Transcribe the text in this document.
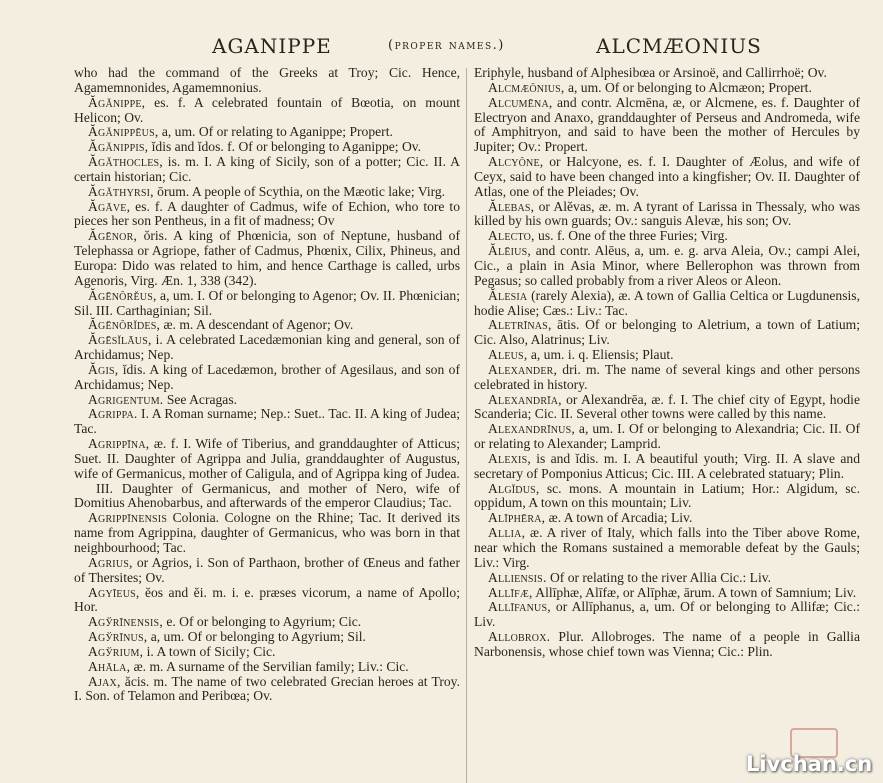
AGANIPPE	(proper names.)	ALCMÆONIUS

who had the command of the Greeks at Troy; Cic. Hence, Agamemnonides, Agamemnonius.

Ăgănippe, es. f. A celebrated fountain of Bœotia, on mount Helicon; Ov.

Ăgănippēus, a, um. Of or relating to Aganippe; Propert.

Ăgănippis, ĭdis and ĭdos. f. Of or belonging to Aganippe; Ov.

Ăgăthocles, is. m. I. A king of Sicily, son of a potter; Cic. II. A certain historian; Cic.

Ăgăthyrsi, ōrum. A people of Scythia, on the Mæotic lake; Virg.

Ăgāve, es. f. A daughter of Cadmus, wife of Echion, who tore to pieces her son Pentheus, in a fit of madness; Ov

Ăgēnor, ŏris. A king of Phœnicia, son of Neptune, husband of Telephassa or Agriope, father of Cadmus, Phœnix, Cilix, Phineus, and Europa: Dido was related to him, and hence Carthage is called, urbs Agenoris, Virg. Æn. 1, 338 (342).

Ăgēnŏrĕus, a, um. I. Of or belonging to Agenor; Ov. II. Phœnician; Sil. III. Carthaginian; Sil.

Ăgēnŏrĭdes, æ. m. A descendant of Agenor; Ov.

Ăgēsĭlāus, i. A celebrated Lacedæmonian king and general, son of Archidamus; Nep.

Ăgis, ĭdis. A king of Lacedæmon, brother of Agesilaus, and son of Archidamus; Nep.

Agrigentum. See Acragas.

Agrippa. I. A Roman surname; Nep.: Suet.. Tac. II. A king of Judea; Tac.

Agrippīna, æ. f. I. Wife of Tiberius, and granddaughter of Atticus; Suet. II. Daughter of Agrippa and Julia, granddaughter of Augustus, wife of Germanicus, mother of Caligula, and of Agrippa king of Judea.

III. Daughter of Germanicus, and mother of Nero, wife of Domitius Ahenobarbus, and afterwards of the emperor Claudius; Tac.

Agrippīnensis Colonia. Cologne on the Rhine; Tac. It derived its name from Agrippina, daughter of Germanicus, who was born in that neighbourhood; Tac.

Agrius, or Agrios, i. Son of Parthaon, brother of Œneus and father of Thersites; Ov.

Agyīeus, ĕos and ĕi. m. i. e. præses vicorum, a name of Apollo; Hor.

Agўrīnensis, e. Of or belonging to Agyrium; Cic.

Agўrīnus, a, um. Of or belonging to Agyrium; Sil.

Agўrium, i. A town of Sicily; Cic.

Ahāla, æ. m. A surname of the Servilian family; Liv.: Cic.

Ajax, ăcis. m. The name of two celebrated Grecian heroes at Troy. I. Son. of Telamon and Peribœa; Ov.

Eriphyle, husband of Alphesibœa or Arsinoë, and Callirrhoë; Ov.

Alcmæŏnius, a, um. Of or belonging to Alcmæon; Propert.

Alcumēna, and contr. Alcmēna, æ, or Alcmene, es. f. Daughter of Electryon and Anaxo, granddaughter of Perseus and Andromeda, wife of Amphitryon, and said to have been the mother of Hercules by Jupiter; Ov.: Propert.

Alcyŏne, or Halcyone, es. f. I. Daughter of Æolus, and wife of Ceyx, said to have been changed into a kingfisher; Ov. II. Daughter of Atlas, one of the Pleiades; Ov.

Ălebas, or Alĕvas, æ. m. A tyrant of Larissa in Thessaly, who was killed by his own guards; Ov.: sanguis Alevæ, his son; Ov.

Alecto, us. f. One of the three Furies; Virg.

Ălēius, and contr. Alēus, a, um. e. g. arva Aleia, Ov.; campi Alei, Cic., a plain in Asia Minor, where Bellerophon was thrown from Pegasus; so called probably from a river Aleos or Aleon.

Ălesia (rarely Alexia), æ. A town of Gallia Celtica or Lugdunensis, hodie Alise; Cæs.: Liv.: Tac.

Aletrīnas, ātis. Of or belonging to Aletrium, a town of Latium; Cic. Also, Alatrinus; Liv.

Aleus, a, um. i. q. Eliensis; Plaut.

Alexander, dri. m. The name of several kings and other persons celebrated in history.

Alexandrīa, or Alexandrēa, æ. f. I. The chief city of Egypt, hodie Scanderia; Cic. II. Several other towns were called by this name.

Alexandrīnus, a, um. I. Of or belonging to Alexandria; Cic. II. Of or relating to Alexander; Lamprid.

Alexis, is and ĭdis. m. I. A beautiful youth; Virg. II. A slave and secretary of Pomponius Atticus; Cic. III. A celebrated statuary; Plin.

Algĭdus, sc. mons. A mountain in Latium; Hor.: Algidum, sc. oppidum, A town on this mountain; Liv.

Alīphēra, æ. A town of Arcadia; Liv.

Allia, æ. A river of Italy, which falls into the Tiber above Rome, near which the Romans sustained a memorable defeat by the Gauls; Liv.: Virg.

Alliensis. Of or relating to the river Allia Cic.: Liv.

Allīfæ, Allīphæ, Alīfæ, or Alīphæ, ārum. A town of Samnium; Liv.

Allīfanus, or Allīphanus, a, um. Of or belonging to Allifæ; Cic.: Liv.

Allobrox. Plur. Allobroges. The name of a people in Gallia Narbonensis, whose chief town was Vienna; Cic.: Plin.

Livchan.cn
